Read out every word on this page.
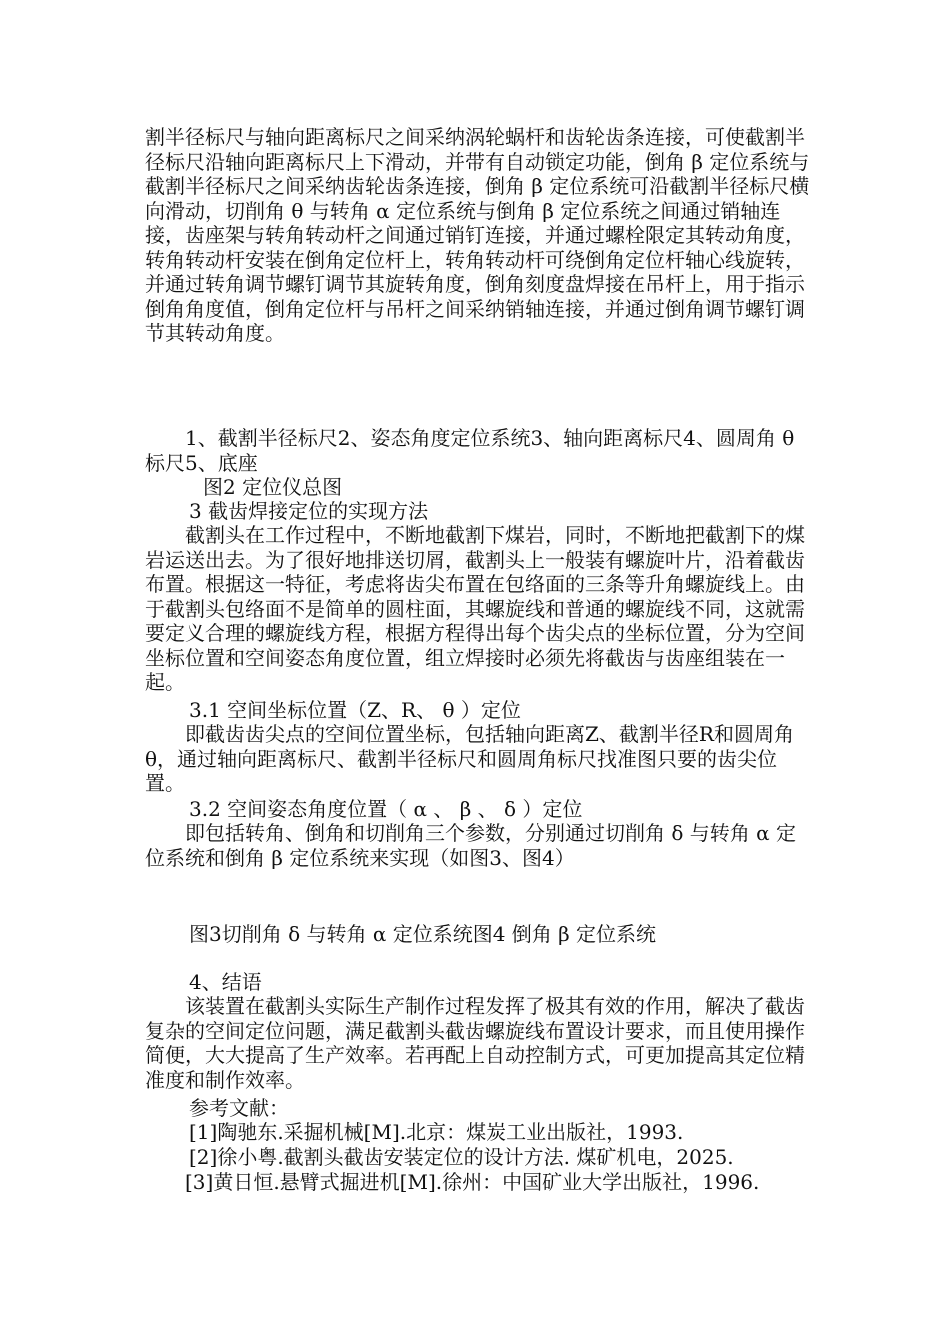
割半径标尺与轴向距离标尺之间采纳涡轮蜗杆和齿轮齿条连接，可使截割半径标尺沿轴向距离标尺上下滑动，并带有自动锁定功能，倒角 β 定位系统与截割半径标尺之间采纳齿轮齿条连接，倒角 β 定位系统可沿截割半径标尺横向滑动，切削角 θ 与转角 α 定位系统与倒角 β 定位系统之间通过销轴连接，齿座架与转角转动杆之间通过销钉连接，并通过螺栓限定其转动角度，转角转动杆安装在倒角定位杆上，转角转动杆可绕倒角定位杆轴心线旋转，并通过转角调节螺钉调节其旋转角度，倒角刻度盘焊接在吊杆上，用于指示倒角角度值，倒角定位杆与吊杆之间采纳销轴连接，并通过倒角调节螺钉调节其转动角度。

1、截割半径标尺2、姿态角度定位系统3、轴向距离标尺4、圆周角 θ 标尺5、底座

图2 定位仪总图
3 截齿焊接定位的实现方法

截割头在工作过程中，不断地截割下煤岩，同时，不断地把截割下的煤岩运送出去。为了很好地排送切屑，截割头上一般装有螺旋叶片，沿着截齿布置。根据这一特征，考虑将齿尖布置在包络面的三条等升角螺旋线上。由于截割头包络面不是简单的圆柱面，其螺旋线和普通的螺旋线不同，这就需要定义合理的螺旋线方程，根据方程得出每个齿尖点的坐标位置，分为空间坐标位置和空间姿态角度位置，组立焊接时必须先将截齿与齿座组装在一起。

3.1 空间坐标位置（Z、R、 θ ）定位

即截齿齿尖点的空间位置坐标，包括轴向距离Z、截割半径R和圆周角 θ，通过轴向距离标尺、截割半径标尺和圆周角标尺找准图只要的齿尖位置。

3.2 空间姿态角度位置（ α 、 β 、 δ ）定位

即包括转角、倒角和切削角三个参数，分别通过切削角 δ 与转角 α 定位系统和倒角 β 定位系统来实现（如图3、图4）

图3切削角 δ 与转角 α 定位系统图4 倒角 β 定位系统
4、结语

该装置在截割头实际生产制作过程发挥了极其有效的作用，解决了截齿复杂的空间定位问题，满足截割头截齿螺旋线布置设计要求，而且使用操作简便，大大提高了生产效率。若再配上自动控制方式，可更加提高其定位精准度和制作效率。

参考文献：
[1]陶驰东.采掘机械[M].北京：煤炭工业出版社，1993.
[2]徐小粤.截割头截齿安装定位的设计方法. 煤矿机电，2025.

[3]黄日恒.悬臂式掘进机[M].徐州：中国矿业大学出版社，1996.
